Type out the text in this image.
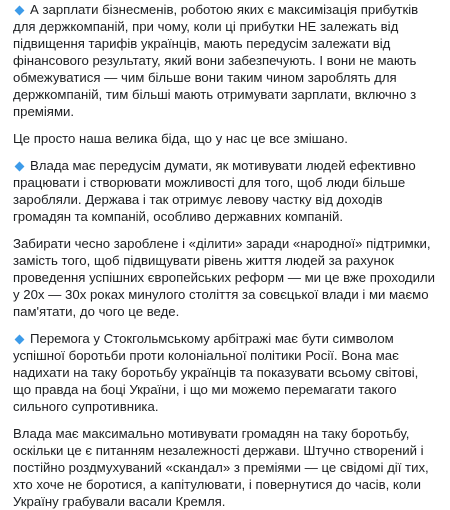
А зарплати бізнесменів, роботою яких є максимізація прибутків для держкомпаній, при чому, коли ці прибутки НЕ залежать від підвищення тарифів українців, мають передусім залежати від фінансового результату, який вони забезпечують. І вони не мають обмежуватися — чим більше вони таким чином зароблять для держкомпаній, тим більші мають отримувати зарплати, включно з преміями.

Це просто наша велика біда, що у нас це все змішано.

Влада має передусім думати, як мотивувати людей ефективно працювати і створювати можливості для того, щоб люди більше заробляли. Держава і так отримує левову частку від доходів громадян та компаній, особливо державних компаній.

Забирати чесно зароблене і «ділити» заради «народної» підтримки, замість того, щоб підвищувати рівень життя людей за рахунок проведення успішних європейських реформ — ми це вже проходили у 20х — 30х роках минулого століття за совєцької влади і ми маємо пам'ятати, до чого це веде.

Перемога у Стокгольмському арбітражі має бути символом успішної боротьби проти колоніальної політики Росії. Вона має надихати на таку боротьбу українців та показувати всьому світові, що правда на боці України, і що ми можемо перемагати такого сильного супротивника.

Влада має максимально мотивувати громадян на таку боротьбу, оскільки це є питанням незалежності держави. Штучно створений і постійно роздмухуваний «скандал» з преміями — це свідомі дії тих, хто хоче не боротися, а капітулювати, і повернутися до часів, коли Україну грабували васали Кремля.
